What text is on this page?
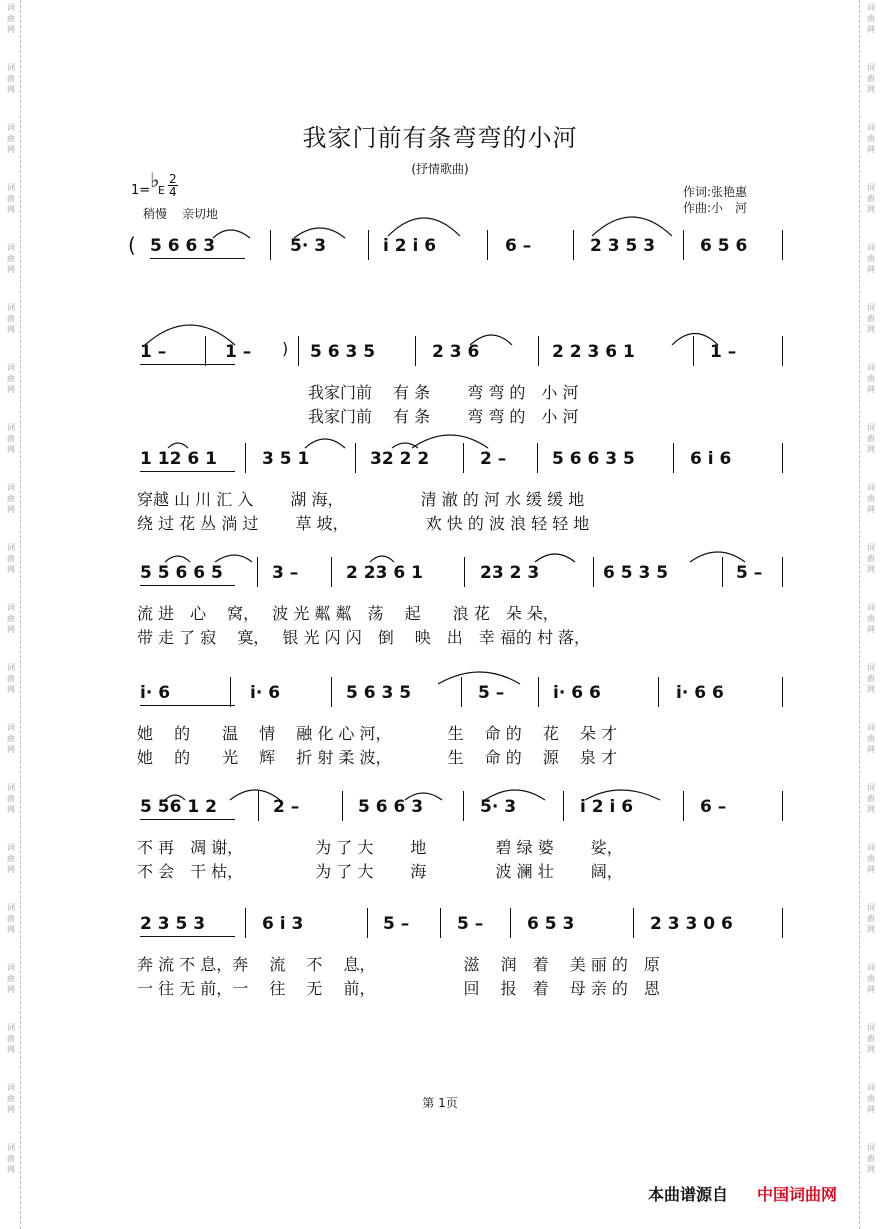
词
曲
网
词
曲
网
词
曲
网
词
曲
网
词
曲
网
词
曲
网
词
曲
网
词
曲
网
词
曲
网
词
曲
网
词
曲
网
词
曲
网
词
曲
网
词
曲
网
词
曲
网
词
曲
网
词
曲
网
词
曲
网
词
曲
网
词
曲
网
词
曲
网
词
曲
网
词
曲
网
词
曲
网
词
曲
网
词
曲
网
词
曲
网
词
曲
网
词
曲
网
词
曲
网
词
曲
网
词
曲
网
词
曲
网
词
曲
网
词
曲
网
词
曲
网
词
曲
网
词
曲
网
词
曲
网
词
曲
网
我家门前有条弯弯的小河
(抒情歌曲)
1= ♭
E
2
4
稍慢 亲切地
作词:张艳惠
作曲:小　河
(
)
5 6 6 3	5· 3	i 2 i 6	6 –	2 3 5 3	6 5 6
1 –	1 –	5 6 3 5	2 3 6	2 2 3 6 1	1 –
我家门前　 有 条　　 弯 弯 的　小 河
我家门前　 有 条　　 弯 弯 的　小 河
1 12 6 1	3 5 1	32 2 2	2 –	5 6 6 3 5	6 i 6
穿越 山 川 汇 入　　 湖 海，　　　　　 清 澈 的 河 水 缓 缓 地
绕 过 花 丛 淌 过　　 草 坡，　　　　　 欢 快 的 波 浪 轻 轻 地
5 5 6 6 5	3 –	2 23 6 1	23 2 3	6 5 3 5	5 –
流 进　心　 窝，　 波 光 粼 粼　荡　 起　　浪 花　朵 朵，
带 走 了 寂　 寞，　 银 光 闪 闪　倒　 映　出　幸 福的 村 落，
i· 6	i· 6	5 6 3 5	5 –	i· 6 6	i· 6 6
她　 的　　温　 情　 融 化 心 河，　　　　生　 命 的　 花　 朵 才
她　 的　　光　 辉　 折 射 柔 波，　　　　生　 命 的　 源　 泉 才
5 56 1 2	2 –	5 6 6 3	5· 3	i 2 i 6	6 –
不 再　凋 谢，　　　　　为 了 大　　 地　　　　 碧 绿 婆　　 娑，
不 会　干 枯，　　　　　为 了 大　　 海　　　　 波 澜 壮　　 阔，
2 3 5 3	6 i 3	5 –	5 –	6 5 3	2 3 3 0 6
奔 流 不 息，奔　 流　 不　 息，　　　　　　滋　 润　着　 美 丽 的　原
一 往 无 前，一　 往　 无　 前，　　　　　　回　 报　着　 母 亲 的　恩
第 1页
本曲谱源自 中国词曲网
